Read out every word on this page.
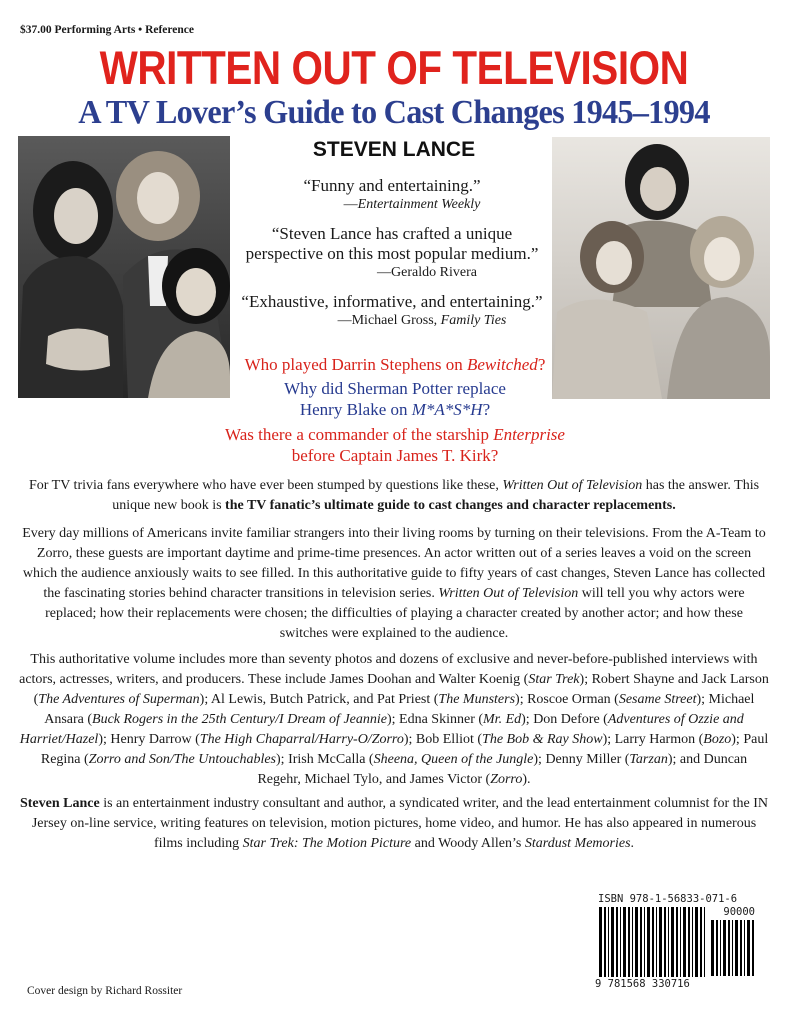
$37.00 Performing Arts • Reference
WRITTEN OUT OF TELEVISION
A TV Lover’s Guide to Cast Changes 1945–1994
STEVEN LANCE
“Funny and entertaining.”
—Entertainment Weekly
“Steven Lance has crafted a unique perspective on this most popular medium.”
—Geraldo Rivera
“Exhaustive, informative, and entertaining.”
—Michael Gross, Family Ties
Who played Darrin Stephens on Bewitched?
Why did Sherman Potter replace
Henry Blake on M*A*S*H?
Was there a commander of the starship Enterprise
before Captain James T. Kirk?
For TV trivia fans everywhere who have ever been stumped by questions like these, Written Out of Television has the answer. This unique new book is the TV fanatic’s ultimate guide to cast changes and character replacements.
Every day millions of Americans invite familiar strangers into their living rooms by turning on their televisions. From the A-Team to Zorro, these guests are important daytime and prime-time presences. An actor written out of a series leaves a void on the screen which the audience anxiously waits to see filled. In this authoritative guide to fifty years of cast changes, Steven Lance has collected the fascinating stories behind character transitions in television series. Written Out of Television will tell you why actors were replaced; how their replacements were chosen; the difficulties of playing a character created by another actor; and how these switches were explained to the audience.
This authoritative volume includes more than seventy photos and dozens of exclusive and never-before-published interviews with actors, actresses, writers, and producers. These include James Doohan and Walter Koenig (Star Trek); Robert Shayne and Jack Larson (The Adventures of Superman); Al Lewis, Butch Patrick, and Pat Priest (The Munsters); Roscoe Orman (Sesame Street); Michael Ansara (Buck Rogers in the 25th Century/I Dream of Jeannie); Edna Skinner (Mr. Ed); Don Defore (Adventures of Ozzie and Harriet/Hazel); Henry Darrow (The High Chaparral/Harry-O/Zorro); Bob Elliot (The Bob & Ray Show); Larry Harmon (Bozo); Paul Regina (Zorro and Son/The Untouchables); Irish McCalla (Sheena, Queen of the Jungle); Denny Miller (Tarzan); and Duncan Regehr, Michael Tylo, and James Victor (Zorro).
Steven Lance is an entertainment industry consultant and author, a syndicated writer, and the lead entertainment columnist for the IN Jersey on-line service, writing features on television, motion pictures, home video, and humor. He has also appeared in numerous films including Star Trek: The Motion Picture and Woody Allen’s Stardust Memories.
ISBN 978-1-56833-071-6
90000
9 781568 330716
Cover design by Richard Rossiter
